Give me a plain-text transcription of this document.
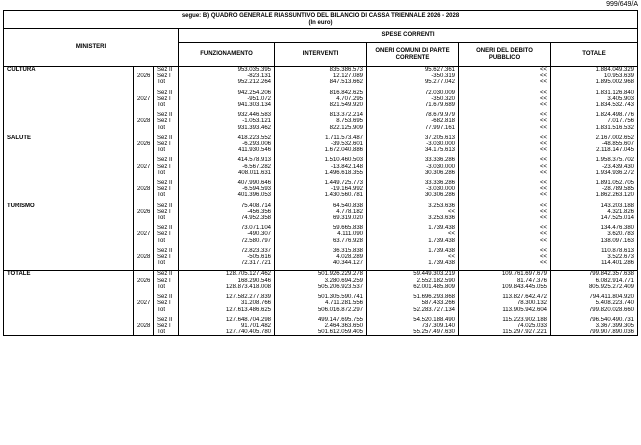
999/649/A
segue: B) QUADRO GENERALE RIASSUNTIVO DEL BILANCIO DI CASSA TRIENNALE 2026 - 2028
(In euro)							

MINISTERI			SPESE CORRENTI				
			FUNZIONAMENTO	INTERVENTI	ONERI COMUNI DI PARTE CORRENTE	ONERI DEL DEBITO PUBBLICO	TOTALE
CULTURA		Sez II	953.035.395	835.386.573	95.627.361	<<	1.884.049.329
	2026	Sez I	-823.131	12.127.089	-350.319	<<	10.953.639
		Tot	952.212.264	847.513.662	95.277.042	<<	1.895.002.968

		Sez II	942.254.206	816.842.625	72.030.009	<<	1.831.126.840
	2027	Sez I	-951.072	4.707.295	-350.320	<<	3.405.903
		Tot	941.303.134	821.549.920	71.679.689	<<	1.834.532.743

		Sez II	932.446.583	813.372.214	78.679.979	<<	1.824.498.776
	2028	Sez I	-1.053.121	8.753.695	-682.818	<<	7.017.756
		Tot	931.393.462	822.125.909	77.997.161	<<	1.831.516.532

SALUTE		Sez II	418.223.552	1.711.573.487	37.205.613	<<	2.167.002.652
	2026	Sez I	-6.293.006	-39.532.601	-3.030.000	<<	-48.855.607
		Tot	411.930.546	1.672.040.886	34.175.613	<<	2.118.147.045

		Sez II	414.578.913	1.510.460.503	33.336.286	<<	1.958.375.702
	2027	Sez I	-6.567.282	-13.842.148	-3.030.000	<<	-23.439.430
		Tot	408.011.631	1.496.618.355	30.306.286	<<	1.934.936.272

		Sez II	407.990.646	1.449.725.773	33.336.286	<<	1.891.052.705
	2028	Sez I	-6.594.593	-19.164.992	-3.030.000	<<	-28.789.585
		Tot	401.396.053	1.430.560.781	30.306.286	<<	1.862.263.120

TURISMO		Sez II	75.408.714	64.540.838	3.253.636	<<	143.203.188
	2026	Sez I	-456.356	4.778.182	<<	<<	4.321.826
		Tot	74.952.358	69.319.020	3.253.636	<<	147.525.014

		Sez II	73.071.104	59.665.838	1.739.438	<<	134.476.380
	2027	Sez I	-490.307	4.111.090	<<	<<	3.620.783
		Tot	72.580.797	63.776.928	1.739.438	<<	138.097.163

		Sez II	72.823.337	36.315.838	1.739.438	<<	110.878.613
	2028	Sez I	-505.616	4.028.289	<<	<<	3.522.673
		Tot	72.317.721	40.344.127	1.739.438	<<	114.401.286

TOTALE		Sez II	128.705.127.462	501.926.229.278	59.449.303.219	109.761.697.679	799.842.357.638
	2026	Sez I	168.290.546	3.280.694.259	2.552.182.590	81.747.376	6.082.914.771
		Tot	128.873.418.008	505.206.923.537	62.001.485.809	109.843.445.055	805.925.272.409

		Sez II	127.582.277.839	501.305.590.741	51.696.293.868	113.827.642.472	794.411.804.920
	2027	Sez I	31.208.766	4.711.281.556	587.433.266	78.300.132	5.408.223.740
		Tot	127.613.486.625	506.016.872.297	52.283.727.134	113.905.942.604	799.820.028.660

		Sez II	127.648.704.298	499.147.695.755	54.520.188.490	115.223.902.188	796.540.490.731
	2028	Sez I	91.701.482	2.464.363.650	737.309.140	74.025.033	3.367.399.305
		Tot	127.740.405.780	501.612.059.405	55.257.497.630	115.297.927.221	799.907.890.036
